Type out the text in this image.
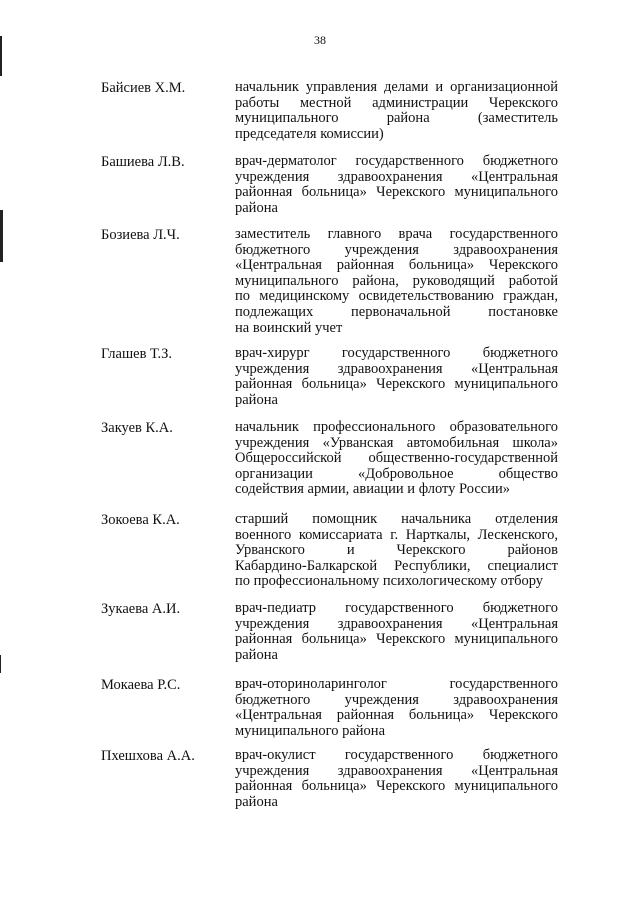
38
Байсиев Х.М.	начальник управления делами и организационной
работы местной администрации Черекского
муниципального района (заместитель
председателя комиссии)
Башиева Л.В.	врач-дерматолог государственного бюджетного
учреждения здравоохранения «Центральная
районная больница» Черекского муниципального
района
Бозиева Л.Ч.	заместитель главного врача государственного
бюджетного учреждения здравоохранения
«Центральная районная больница» Черекского
муниципального района, руководящий работой
по медицинскому освидетельствованию граждан,
подлежащих первоначальной постановке
на воинский учет
Глашев Т.З.	врач-хирург государственного бюджетного
учреждения здравоохранения «Центральная
районная больница» Черекского муниципального
района
Закуев К.А.	начальник профессионального образовательного
учреждения «Урванская автомобильная школа»
Общероссийской общественно-государственной
организации «Добровольное общество
содействия армии, авиации и флоту России»
Зокоева К.А.	старший помощник начальника отделения
военного комиссариата г. Нарткалы, Лескенского,
Урванского и Черекского районов
Кабардино-Балкарской Республики, специалист
по профессиональному психологическому отбору
Зукаева А.И.	врач-педиатр государственного бюджетного
учреждения здравоохранения «Центральная
районная больница» Черекского муниципального
района
Мокаева Р.С.	врач-оториноларинголог государственного
бюджетного учреждения здравоохранения
«Центральная районная больница» Черекского
муниципального района
Пхешхова А.А.	врач-окулист государственного бюджетного
учреждения здравоохранения «Центральная
районная больница» Черекского муниципального
района
